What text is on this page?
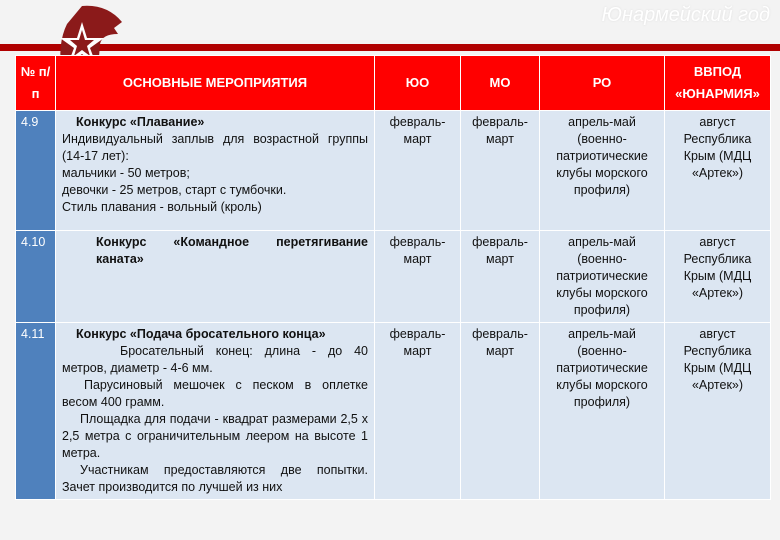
Юнармейский год
№ п/п	ОСНОВНЫЕ МЕРОПРИЯТИЯ	ЮО	МО	РО	ВВПОД «ЮНАРМИЯ»
4.9	Конкурс «Плавание»
Индивидуальный заплыв для возрастной группы (14-17 лет):
мальчики - 50 метров;
девочки - 25 метров, старт с тумбочки.
Стиль плавания - вольный (кроль)	февраль-март	февраль-март	апрель-май (военно-патриотические клубы морского профиля)	август Республика Крым (МДЦ «Артек»)
4.10	Конкурс «Командное перетягивание каната»	февраль-март	февраль-март	апрель-май (военно-патриотические клубы морского профиля)	август Республика Крым (МДЦ «Артек»)
4.11	Конкурс «Подача бросательного конца»
Бросательный конец: длина - до 40 метров, диаметр - 4-6 мм.
Парусиновый мешочек с песком в оплетке весом 400 грамм.
Площадка для подачи - квадрат размерами 2,5 х 2,5 метра с ограничительным леером на высоте 1 метра.
Участникам предоставляются две попытки. Зачет производится по лучшей из них	февраль-март	февраль-март	апрель-май (военно-патриотические клубы морского профиля)	август Республика Крым (МДЦ «Артек»)
